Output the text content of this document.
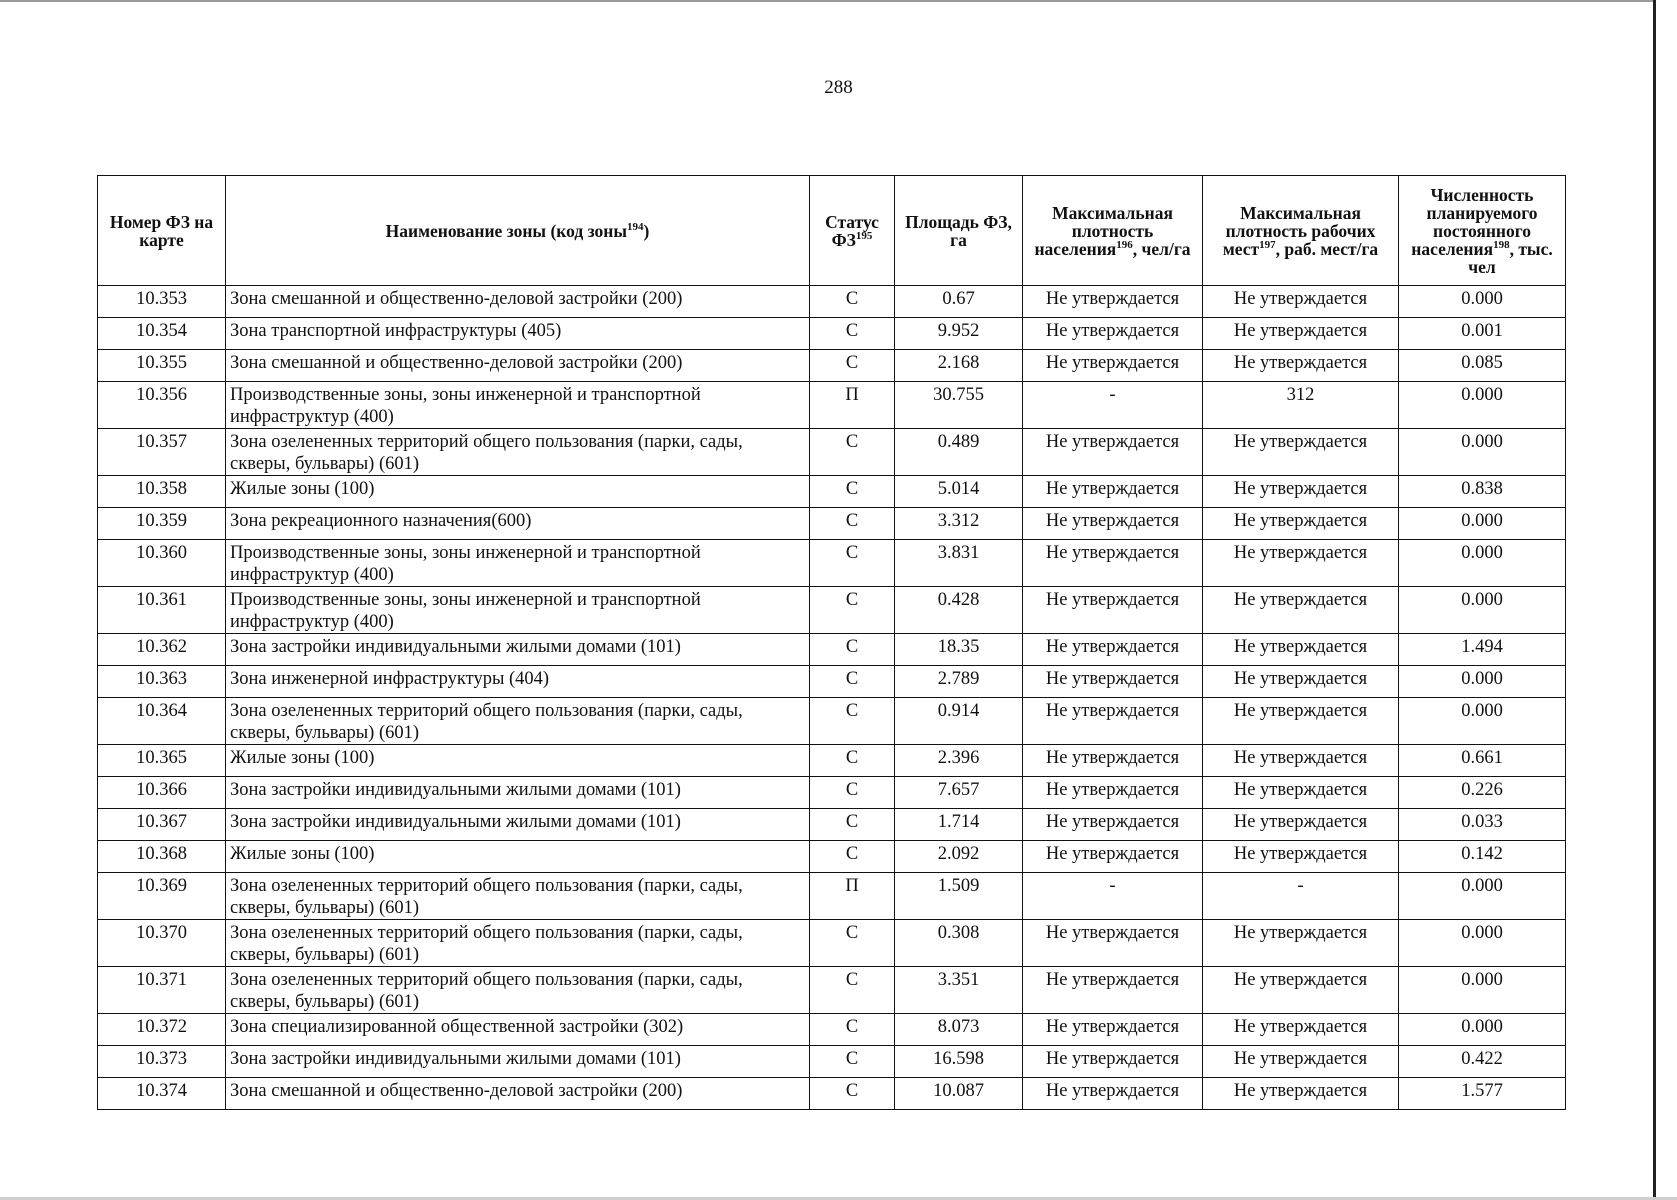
288
Номер ФЗ на карте	Наименование зоны (код зоны$^{194}$)	Статус ФЗ$^{195}$	Площадь ФЗ, га	Максимальная плотность населения$^{196}$, чел/га	Максимальная плотность рабочих мест$^{197}$, раб. мест/га	Численность планируемого постоянного населения$^{198}$, тыс. чел
10.353	Зона смешанной и общественно-деловой застройки (200)	С	0.67	Не утверждается	Не утверждается	0.000
10.354	Зона транспортной инфраструктуры (405)	С	9.952	Не утверждается	Не утверждается	0.001
10.355	Зона смешанной и общественно-деловой застройки (200)	С	2.168	Не утверждается	Не утверждается	0.085
10.356	Производственные зоны, зоны инженерной и транспортной инфраструктур (400)	П	30.755	-	312	0.000
10.357	Зона озелененных территорий общего пользования (парки, сады, скверы, бульвары) (601)	С	0.489	Не утверждается	Не утверждается	0.000
10.358	Жилые зоны (100)	С	5.014	Не утверждается	Не утверждается	0.838
10.359	Зона рекреационного назначения(600)	С	3.312	Не утверждается	Не утверждается	0.000
10.360	Производственные зоны, зоны инженерной и транспортной инфраструктур (400)	С	3.831	Не утверждается	Не утверждается	0.000
10.361	Производственные зоны, зоны инженерной и транспортной инфраструктур (400)	С	0.428	Не утверждается	Не утверждается	0.000
10.362	Зона застройки индивидуальными жилыми домами (101)	С	18.35	Не утверждается	Не утверждается	1.494
10.363	Зона инженерной инфраструктуры (404)	С	2.789	Не утверждается	Не утверждается	0.000
10.364	Зона озелененных территорий общего пользования (парки, сады, скверы, бульвары) (601)	С	0.914	Не утверждается	Не утверждается	0.000
10.365	Жилые зоны (100)	С	2.396	Не утверждается	Не утверждается	0.661
10.366	Зона застройки индивидуальными жилыми домами (101)	С	7.657	Не утверждается	Не утверждается	0.226
10.367	Зона застройки индивидуальными жилыми домами (101)	С	1.714	Не утверждается	Не утверждается	0.033
10.368	Жилые зоны (100)	С	2.092	Не утверждается	Не утверждается	0.142
10.369	Зона озелененных территорий общего пользования (парки, сады, скверы, бульвары) (601)	П	1.509	-	-	0.000
10.370	Зона озелененных территорий общего пользования (парки, сады, скверы, бульвары) (601)	С	0.308	Не утверждается	Не утверждается	0.000
10.371	Зона озелененных территорий общего пользования (парки, сады, скверы, бульвары) (601)	С	3.351	Не утверждается	Не утверждается	0.000
10.372	Зона специализированной общественной застройки (302)	С	8.073	Не утверждается	Не утверждается	0.000
10.373	Зона застройки индивидуальными жилыми домами (101)	С	16.598	Не утверждается	Не утверждается	0.422
10.374	Зона смешанной и общественно-деловой застройки (200)	С	10.087	Не утверждается	Не утверждается	1.577
